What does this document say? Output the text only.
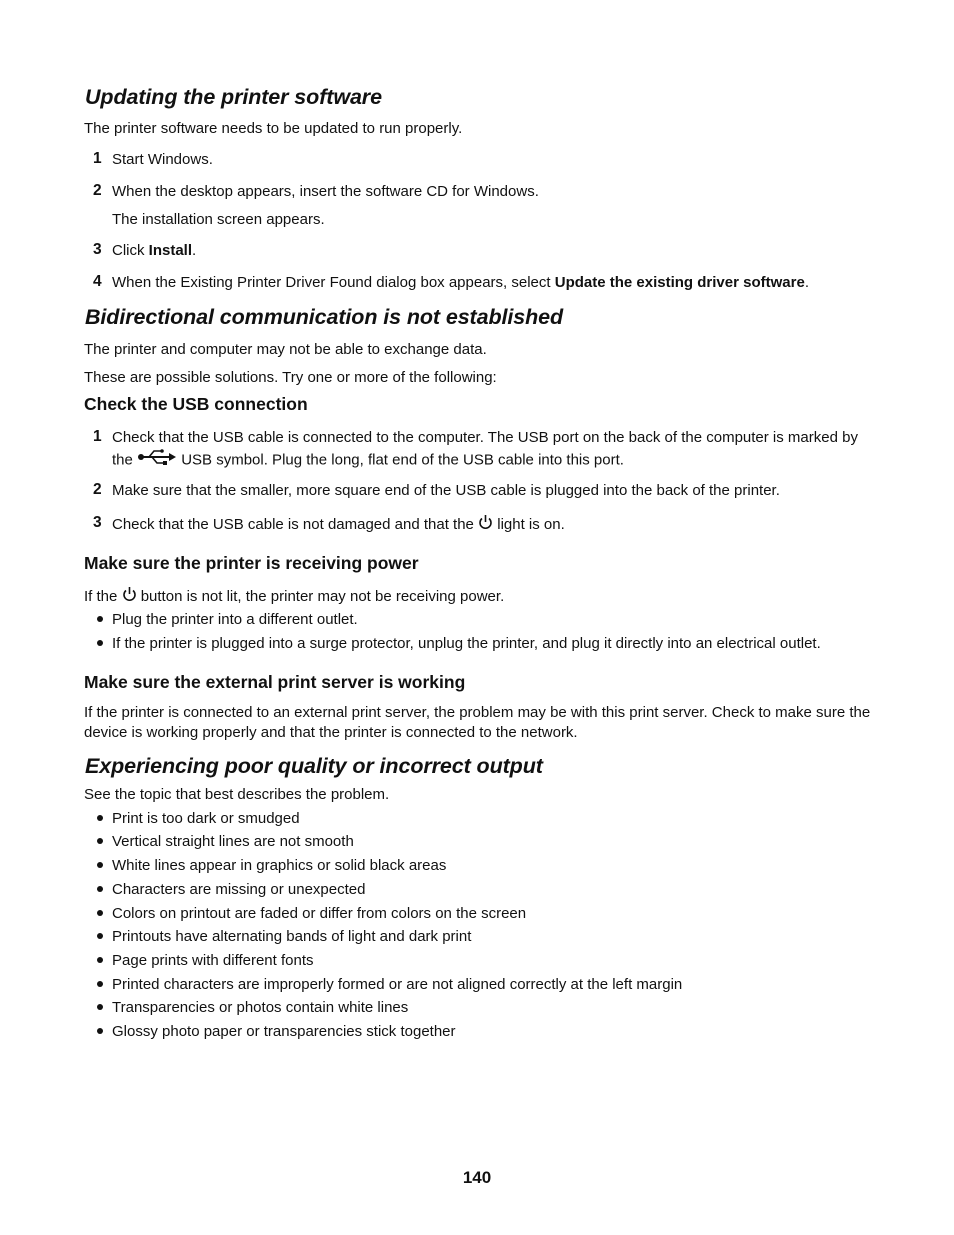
Updating the printer software
The printer software needs to be updated to run properly.
1 Start Windows.
2 When the desktop appears, insert the software CD for Windows.
The installation screen appears.
3 Click Install.
4 When the Existing Printer Driver Found dialog box appears, select Update the existing driver software.
Bidirectional communication is not established
The printer and computer may not be able to exchange data.
These are possible solutions. Try one or more of the following:
Check the USB connection
1 Check that the USB cable is connected to the computer. The USB port on the back of the computer is marked by the	USB symbol. Plug the long, flat end of the USB cable into this port.
2 Make sure that the smaller, more square end of the USB cable is plugged into the back of the printer.
3 Check that the USB cable is not damaged and that the light is on.
Make sure the printer is receiving power
If the button is not lit, the printer may not be receiving power.
Plug the printer into a different outlet.
If the printer is plugged into a surge protector, unplug the printer, and plug it directly into an electrical outlet.
Make sure the external print server is working
If the printer is connected to an external print server, the problem may be with this print server. Check to make sure the device is working properly and that the printer is connected to the network.
Experiencing poor quality or incorrect output
See the topic that best describes the problem.
Print is too dark or smudged
Vertical straight lines are not smooth
White lines appear in graphics or solid black areas
Characters are missing or unexpected
Colors on printout are faded or differ from colors on the screen
Printouts have alternating bands of light and dark print
Page prints with different fonts
Printed characters are improperly formed or are not aligned correctly at the left margin
Transparencies or photos contain white lines
Glossy photo paper or transparencies stick together
140
